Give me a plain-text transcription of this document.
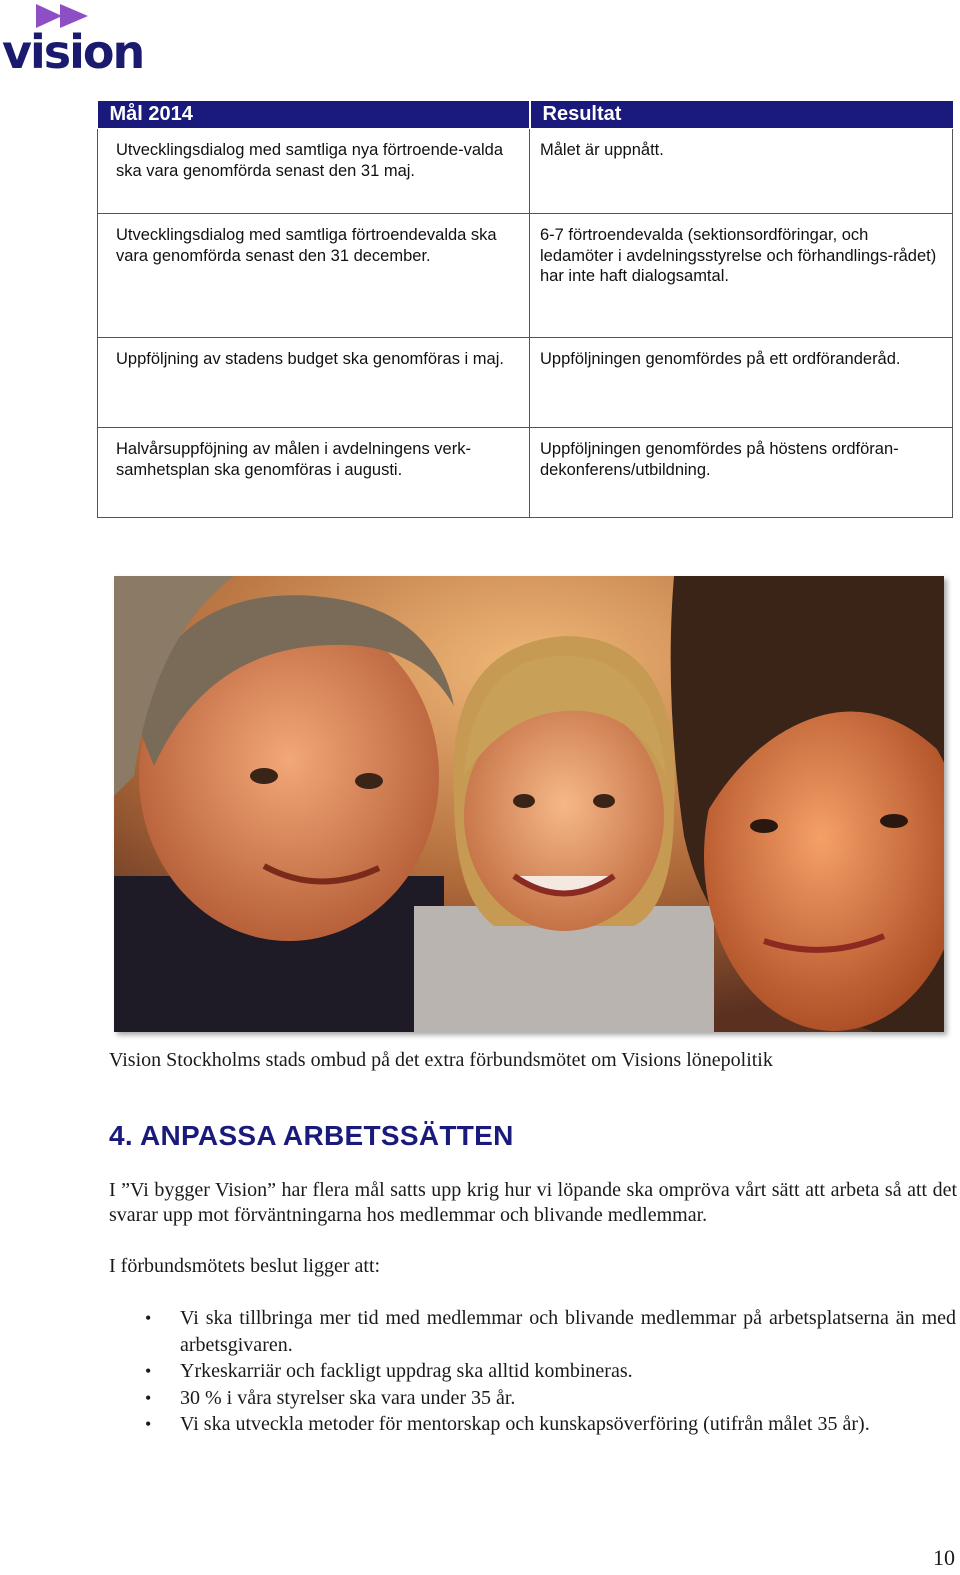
vision
Mål 2014	Resultat
Utvecklingsdialog med samtliga nya förtroende-valda ska vara genomförda senast den 31 maj.	Målet är uppnått.
Utvecklingsdialog med samtliga förtroendevalda ska vara genomförda senast den 31 december.	6-7 förtroendevalda (sektionsordföringar, och ledamöter i avdelningsstyrelse och förhandlings-rådet) har inte haft dialogsamtal.
Uppföljning av stadens budget ska genomföras i maj.	Uppföljningen genomfördes på ett ordföranderåd.
Halvårsuppföjning av målen i avdelningens verk-samhetsplan ska genomföras i augusti.	Uppföljningen genomfördes på höstens ordföran-dekonferens/utbildning.
Vision Stockholms stads ombud på det extra förbundsmötet om Visions lönepolitik
4. ANPASSA ARBETSSÄTTEN

I ”Vi bygger Vision” har flera mål satts upp krig hur vi löpande ska ompröva vårt sätt att arbeta så att det svarar upp mot förväntningarna hos medlemmar och blivande medlemmar.

I förbundsmötets beslut ligger att:

• Vi ska tillbringa mer tid med medlemmar och blivande medlemmar på arbetsplatserna än med arbetsgivaren.
• Yrkeskarriär och fackligt uppdrag ska alltid kombineras.
• 30 % i våra styrelser ska vara under 35 år.
• Vi ska utveckla metoder för mentorskap och kunskapsöverföring (utifrån målet 35 år).
10
